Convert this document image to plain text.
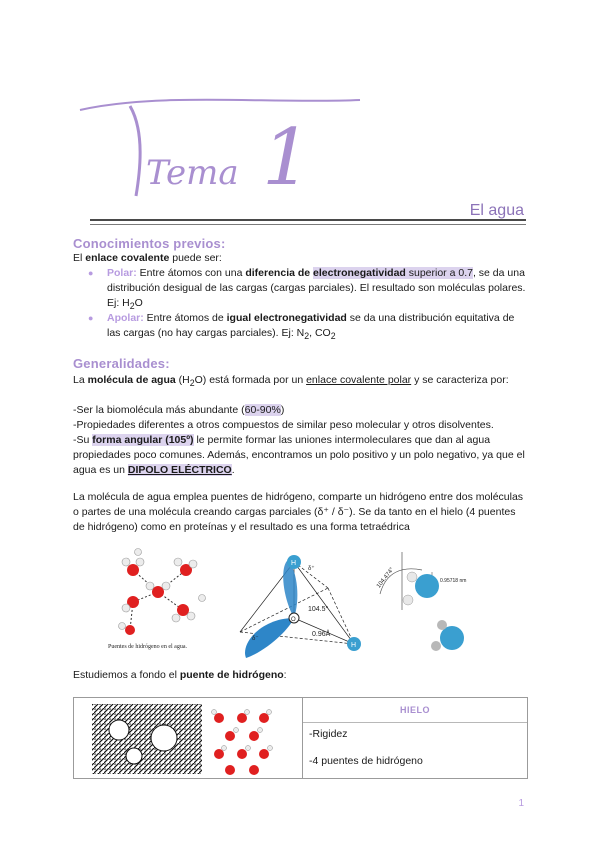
Tema 1
El agua
Conocimientos previos:

El enlace covalente puede ser:

● Polar: Entre átomos con una diferencia de electronegatividad superior a 0.7, se da una distribución desigual de las cargas (cargas parciales). El resultado son moléculas polares. Ej: $H_2O$
● Apolar: Entre átomos de igual electronegatividad se da una distribución equitativa de las cargas (no hay cargas parciales). Ej: $N_2$, $CO_2$
Generalidades:

La molécula de agua $(H_2O)$ está formada por un enlace covalente polar y se caracteriza por:

-Ser la biomolécula más abundante (60-90%)

-Propiedades diferentes a otros compuestos de similar peso molecular y otros disolventes.

-Su forma angular (105º) le permite formar las uniones intermoleculares que dan al agua propiedades poco comunes. Además, encontramos un polo positivo y un polo negativo, ya que el agua es un DIPOLO ELÉCTRICO.

La molécula de agua emplea puentes de hidrógeno, comparte un hidrógeno entre dos moléculas o partes de una molécula creando cargas parciales (δ⁺ / δ⁻). Se da tanto en el hielo (4 puentes de hidrógeno) como en proteínas y el resultado es una forma tetraédrica

Puentes de hidrógeno en el agua.
O
H
H
104.5°
0.96Å
δ⁺
δ⁻
104.474°	0.95718 nm

Estudiemos a fondo el puente de hidrógeno:

HIELO
-Rigidez
-4 puentes de hidrógeno
1
